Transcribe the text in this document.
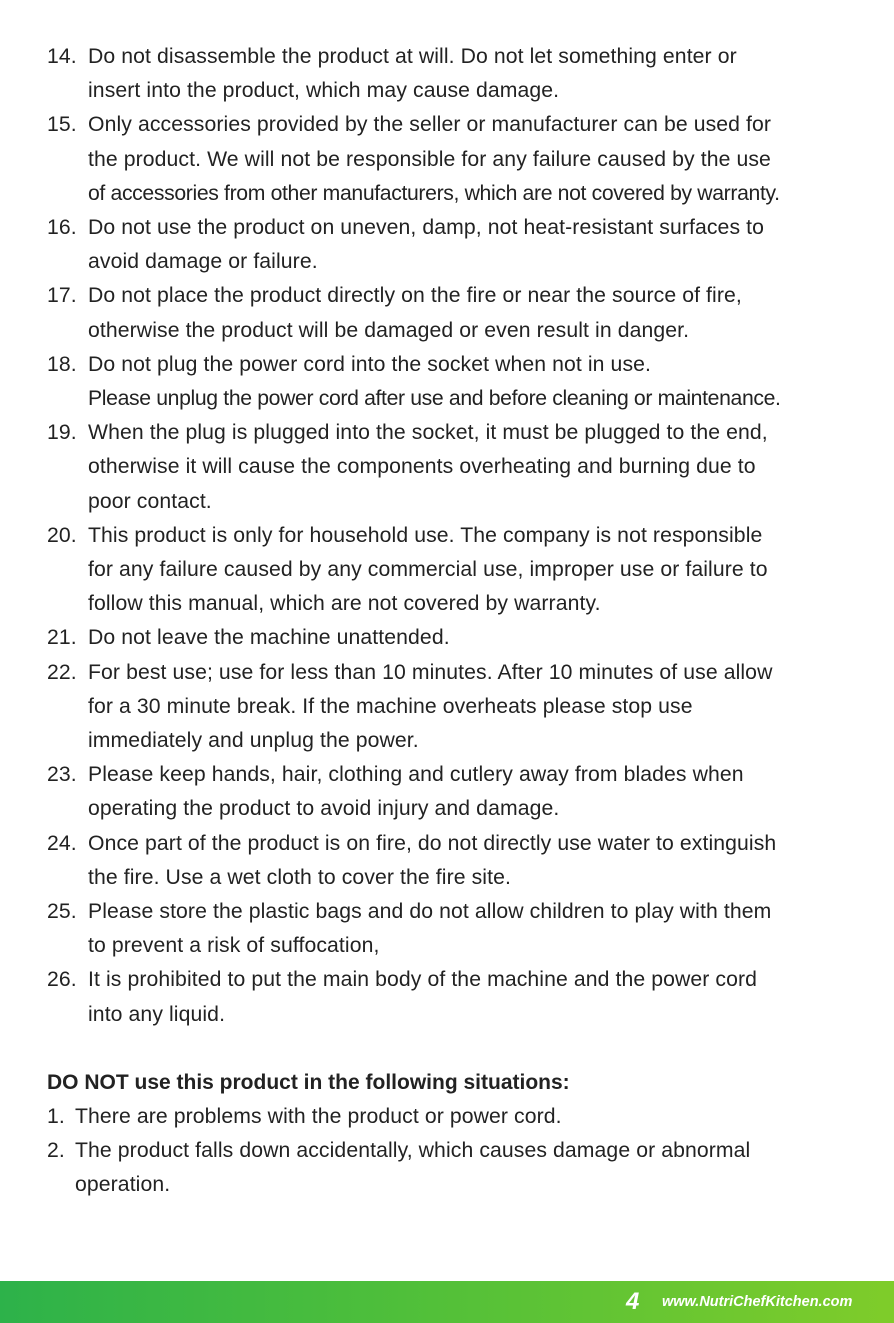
14. Do not disassemble the product at will. Do not let something enter or
insert into the product, which may cause damage.
15. Only accessories provided by the seller or manufacturer can be used for
the product. We will not be responsible for any failure caused by the use
of accessories from other manufacturers, which are not covered by warranty.
16. Do not use the product on uneven, damp, not heat-resistant surfaces to
avoid damage or failure.
17. Do not place the product directly on the fire or near the source of fire,
otherwise the product will be damaged or even result in danger.
18. Do not plug the power cord into the socket when not in use.
Please unplug the power cord after use and before cleaning or maintenance.
19. When the plug is plugged into the socket, it must be plugged to the end,
otherwise it will cause the components overheating and burning due to
poor contact.
20. This product is only for household use. The company is not responsible
for any failure caused by any commercial use, improper use or failure to
follow this manual, which are not covered by warranty.
21. Do not leave the machine unattended.
22. For best use; use for less than 10 minutes. After 10 minutes of use allow
for a 30 minute break. If the machine overheats please stop use
immediately and unplug the power.
23. Please keep hands, hair, clothing and cutlery away from blades when
operating the product to avoid injury and damage.
24. Once part of the product is on fire, do not directly use water to extinguish
the fire. Use a wet cloth to cover the fire site.
25. Please store the plastic bags and do not allow children to play with them
to prevent a risk of suffocation,
26. It is prohibited to put the main body of the machine and the power cord
into any liquid.
DO NOT use this product in the following situations:
1. There are problems with the product or power cord.
2. The product falls down accidentally, which causes damage or abnormal
operation.
4 www.NutriChefKitchen.com
